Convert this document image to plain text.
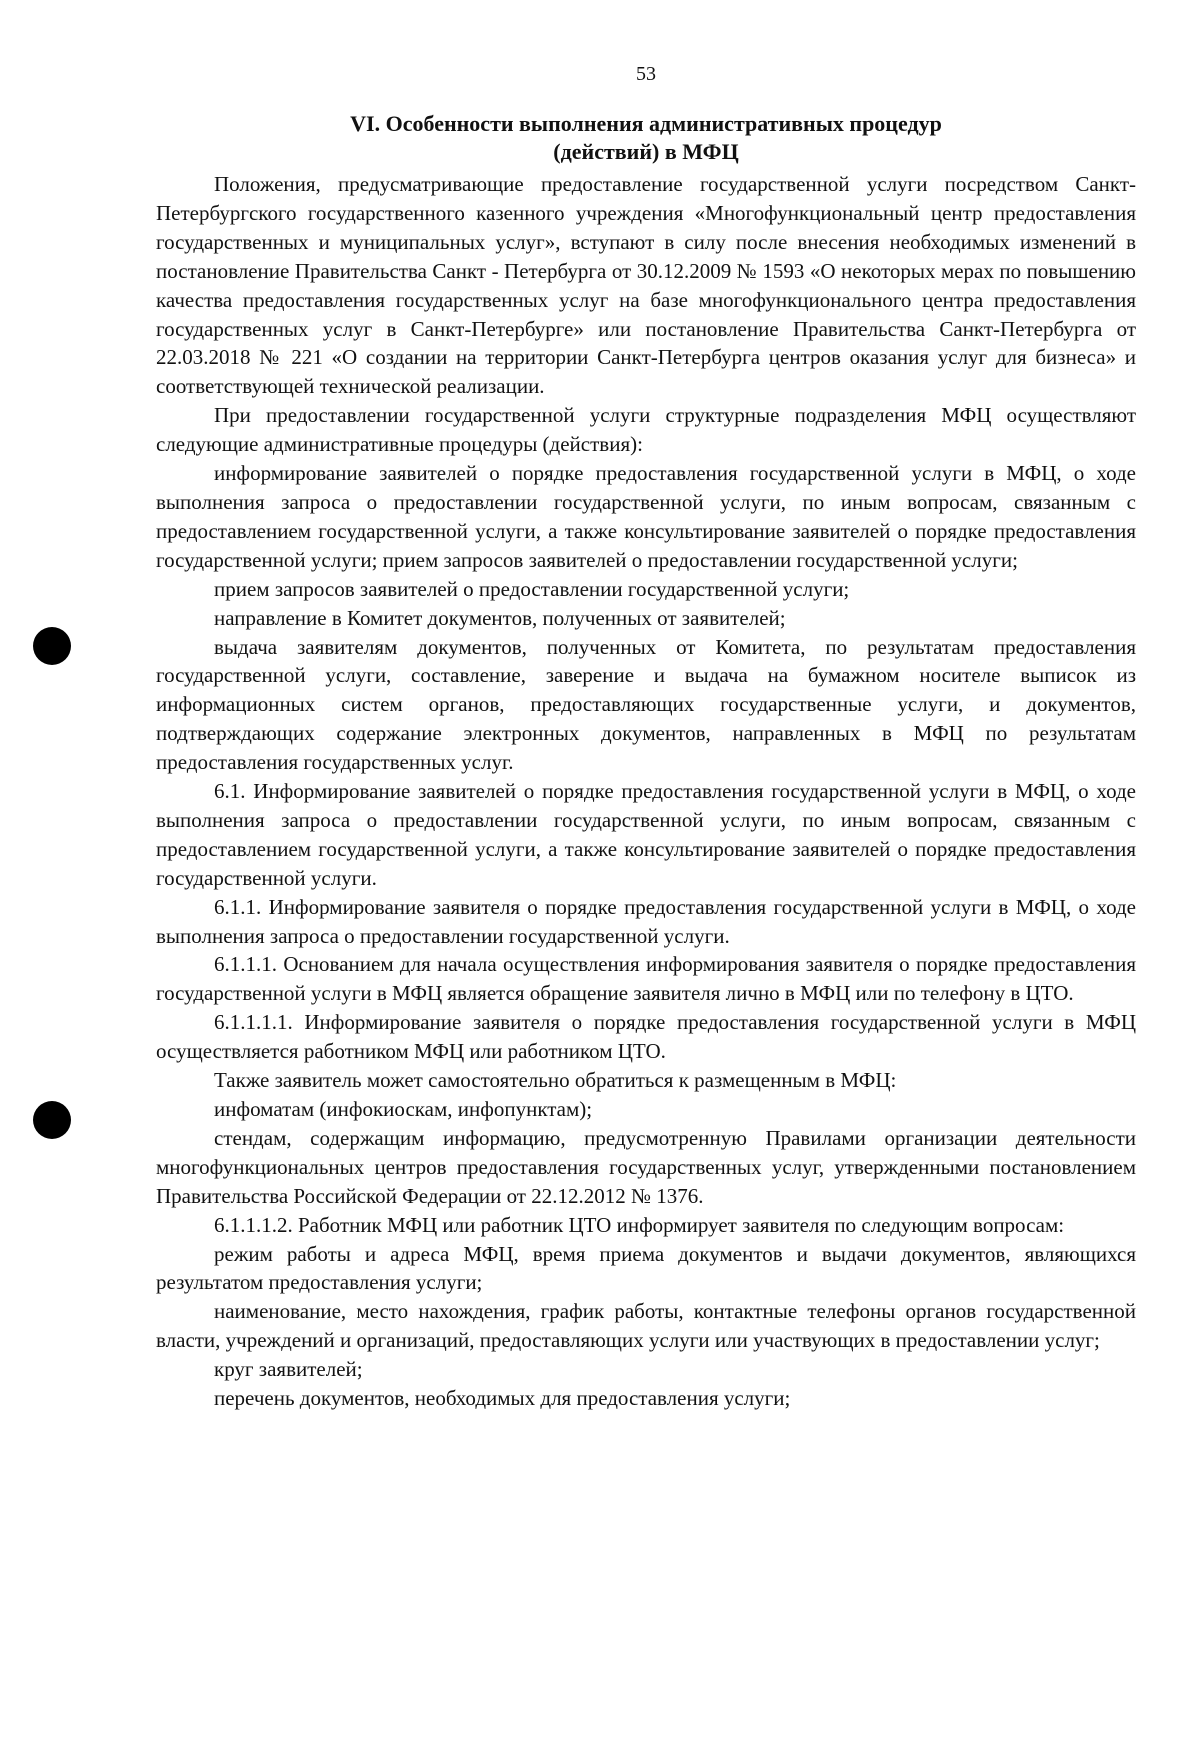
53
VI. Особенности выполнения административных процедур
(действий) в МФЦ

Положения, предусматривающие предоставление государственной услуги посредством Санкт-Петербургского государственного казенного учреждения «Многофункциональный центр предоставления государственных и муниципальных услуг», вступают в силу после внесения необходимых изменений в постановление Правительства Санкт - Петербурга от 30.12.2009 № 1593 «О некоторых мерах по повышению качества предоставления государственных услуг на базе многофункционального центра предоставления государственных услуг в Санкт-Петербурге» или постановление Правительства Санкт-Петербурга от 22.03.2018 № 221 «О создании на территории Санкт-Петербурга центров оказания услуг для бизнеса» и соответствующей технической реализации.

При предоставлении государственной услуги структурные подразделения МФЦ осуществляют следующие административные процедуры (действия):

информирование заявителей о порядке предоставления государственной услуги в МФЦ, о ходе выполнения запроса о предоставлении государственной услуги, по иным вопросам, связанным с предоставлением государственной услуги, а также консультирование заявителей о порядке предоставления государственной услуги; прием запросов заявителей о предоставлении государственной услуги;

прием запросов заявителей о предоставлении государственной услуги;

направление в Комитет документов, полученных от заявителей;

выдача заявителям документов, полученных от Комитета, по результатам предоставления государственной услуги, составление, заверение и выдача на бумажном носителе выписок из информационных систем органов, предоставляющих государственные услуги, и документов, подтверждающих содержание электронных документов, направленных в МФЦ по результатам предоставления государственных услуг.

6.1. Информирование заявителей о порядке предоставления государственной услуги в МФЦ, о ходе выполнения запроса о предоставлении государственной услуги, по иным вопросам, связанным с предоставлением государственной услуги, а также консультирование заявителей о порядке предоставления государственной услуги.

6.1.1. Информирование заявителя о порядке предоставления государственной услуги в МФЦ, о ходе выполнения запроса о предоставлении государственной услуги.

6.1.1.1. Основанием для начала осуществления информирования заявителя о порядке предоставления государственной услуги в МФЦ является обращение заявителя лично в МФЦ или по телефону в ЦТО.

6.1.1.1.1. Информирование заявителя о порядке предоставления государственной услуги в МФЦ осуществляется работником МФЦ или работником ЦТО.

Также заявитель может самостоятельно обратиться к размещенным в МФЦ:

инфоматам (инфокиоскам, инфопунктам);

стендам, содержащим информацию, предусмотренную Правилами организации деятельности многофункциональных центров предоставления государственных услуг, утвержденными постановлением Правительства Российской Федерации от 22.12.2012 № 1376.

6.1.1.1.2. Работник МФЦ или работник ЦТО информирует заявителя по следующим вопросам:

режим работы и адреса МФЦ, время приема документов и выдачи документов, являющихся результатом предоставления услуги;

наименование, место нахождения, график работы, контактные телефоны органов государственной власти, учреждений и организаций, предоставляющих услуги или участвующих в предоставлении услуг;

круг заявителей;

перечень документов, необходимых для предоставления услуги;
